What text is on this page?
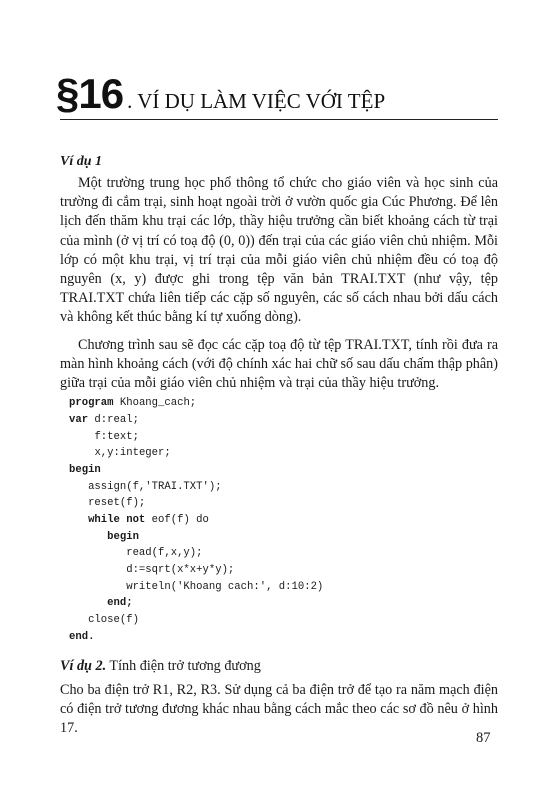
§16 . VÍ DỤ LÀM VIỆC VỚI TỆP
Ví dụ 1

Một trường trung học phổ thông tổ chức cho giáo viên và học sinh của trường đi cắm trại, sinh hoạt ngoài trời ở vườn quốc gia Cúc Phương. Để lên lịch đến thăm khu trại các lớp, thầy hiệu trưởng cần biết khoảng cách từ trại của mình (ở vị trí có toạ độ (0, 0)) đến trại của các giáo viên chủ nhiệm. Mỗi lớp có một khu trại, vị trí trại của mỗi giáo viên chủ nhiệm đều có toạ độ nguyên (x, y) được ghi trong tệp văn bản TRAI.TXT (như vậy, tệp TRAI.TXT chứa liên tiếp các cặp số nguyên, các số cách nhau bởi dấu cách và không kết thúc bằng kí tự xuống dòng).

Chương trình sau sẽ đọc các cặp toạ độ từ tệp TRAI.TXT, tính rồi đưa ra màn hình khoảng cách (với độ chính xác hai chữ số sau dấu chấm thập phân) giữa trại của mỗi giáo viên chủ nhiệm và trại của thầy hiệu trưởng.

program Khoang_cach;
var d:real;
f:text;
x,y:integer;
begin
assign(f,'TRAI.TXT');
reset(f);
while not eof(f) do
begin
read(f,x,y);
d:=sqrt(x*x+y*y);
writeln('Khoang cach:', d:10:2)
end;
close(f)
end.
Ví dụ 2. Tính điện trở tương đương

Cho ba điện trở R1, R2, R3. Sử dụng cả ba điện trở để tạo ra năm mạch điện có điện trở tương đương khác nhau bằng cách mắc theo các sơ đồ nêu ở hình 17.

87
